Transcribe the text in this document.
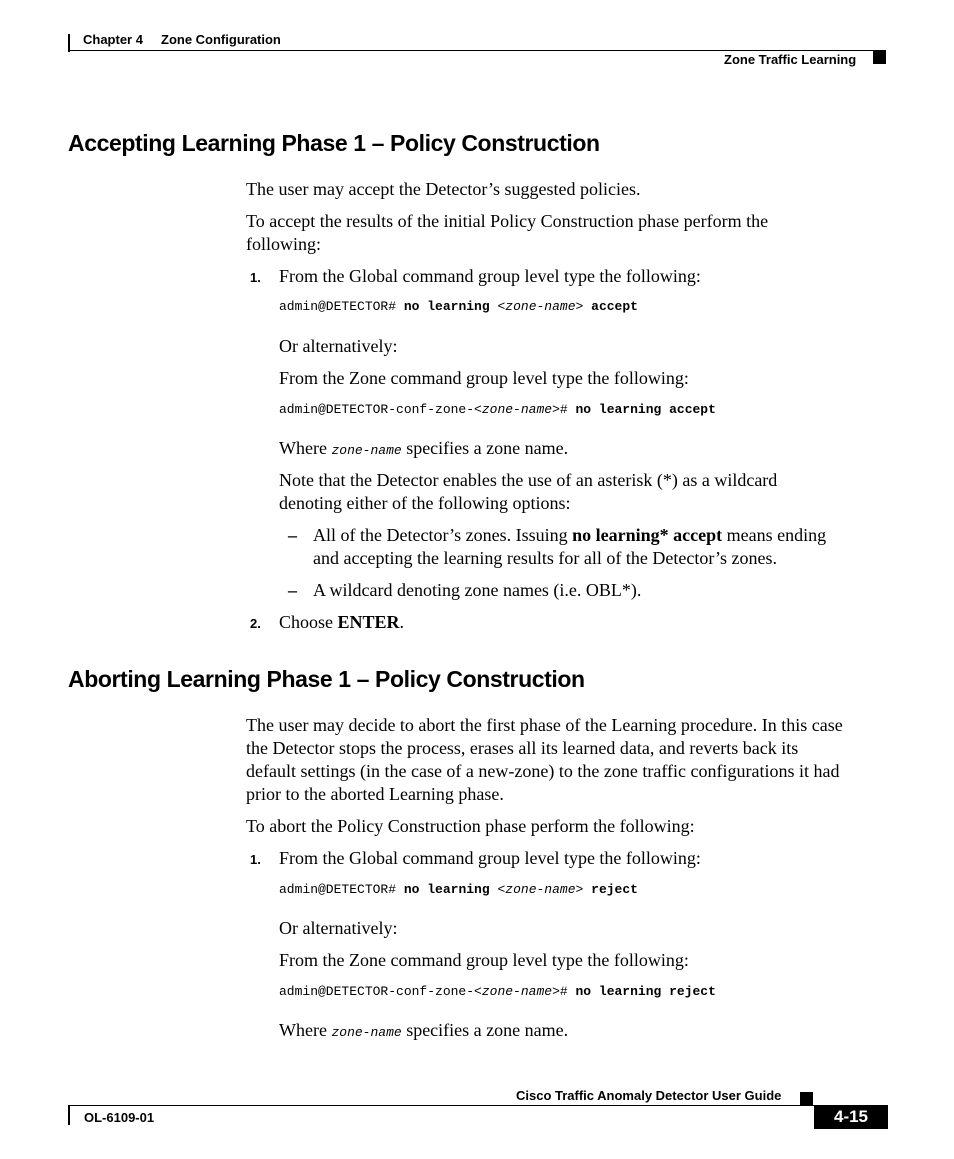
Chapter 4 Zone Configuration
Zone Traffic Learning
Accepting Learning Phase 1 – Policy Construction
The user may accept the Detector’s suggested policies.
To accept the results of the initial Policy Construction phase perform the
following:
1. From the Global command group level type the following:
admin@DETECTOR# no learning <zone-name> accept
Or alternatively:
From the Zone command group level type the following:
admin@DETECTOR-conf-zone-<zone-name># no learning accept
Where zone-name specifies a zone name.
Note that the Detector enables the use of an asterisk (*) as a wildcard
denoting either of the following options:
– All of the Detector’s zones. Issuing no learning* accept means ending
and accepting the learning results for all of the Detector’s zones.
– A wildcard denoting zone names (i.e. OBL*).
2. Choose ENTER.
Aborting Learning Phase 1 – Policy Construction
The user may decide to abort the first phase of the Learning procedure. In this case
the Detector stops the process, erases all its learned data, and reverts back its
default settings (in the case of a new-zone) to the zone traffic configurations it had
prior to the aborted Learning phase.
To abort the Policy Construction phase perform the following:
1. From the Global command group level type the following:
admin@DETECTOR# no learning <zone-name> reject
Or alternatively:
From the Zone command group level type the following:
admin@DETECTOR-conf-zone-<zone-name># no learning reject
Where zone-name specifies a zone name.
Cisco Traffic Anomaly Detector User Guide
OL-6109-01	4-15
